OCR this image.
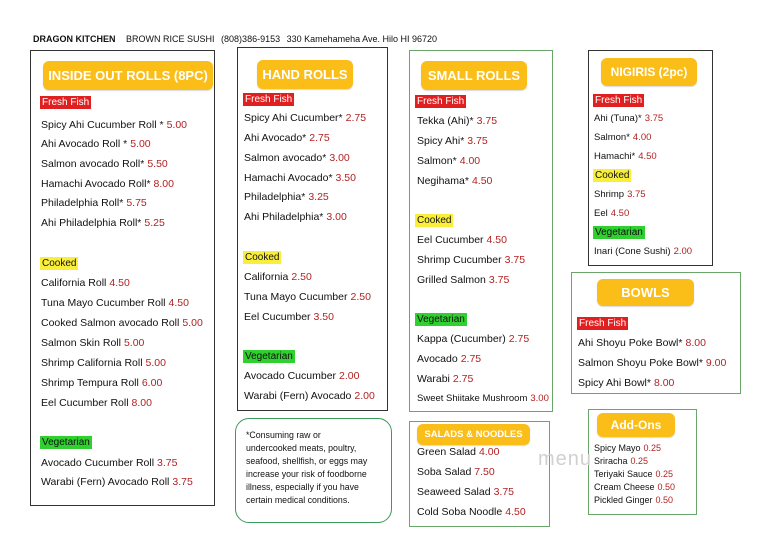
DRAGON KITCHEN BROWN RICE SUSHI (808)386-9153 330 Kamehameha Ave. Hilo HI 96720
INSIDE OUT ROLLS (8PC)	HAND ROLLS	SMALL ROLLS	NIGIRIS (2pc)
BOWLS
SALADS & NOODLES
Add-Ons
Fresh Fish
Spicy Ahi Cucumber Roll * 5.00
Ahi Avocado Roll * 5.00
Salmon avocado Roll* 5.50
Hamachi Avocado Roll* 8.00
Philadelphia Roll* 5.75
Ahi Philadelphia Roll* 5.25
Cooked
California Roll 4.50
Tuna Mayo Cucumber Roll 4.50
Cooked Salmon avocado Roll 5.00
Salmon Skin Roll 5.00
Shrimp California Roll 5.00
Shrimp Tempura Roll 6.00
Eel Cucumber Roll 8.00
Vegetarian
Avocado Cucumber Roll 3.75
Warabi (Fern) Avocado Roll 3.75
Fresh Fish
Spicy Ahi Cucumber* 2.75
Ahi Avocado* 2.75
Salmon avocado* 3.00
Hamachi Avocado* 3.50
Philadelphia* 3.25
Ahi Philadelphia* 3.00
Cooked
California 2.50
Tuna Mayo Cucumber 2.50
Eel Cucumber 3.50
Vegetarian
Avocado Cucumber 2.00
Warabi (Fern) Avocado 2.00
Fresh Fish
Tekka (Ahi)* 3.75
Spicy Ahi* 3.75
Salmon* 4.00
Negihama* 4.50
Cooked
Eel Cucumber 4.50
Shrimp Cucumber 3.75
Grilled Salmon 3.75
Vegetarian
Kappa (Cucumber) 2.75
Avocado 2.75
Warabi 2.75
Sweet Shiitake Mushroom 3.00
Fresh Fish
Ahi (Tuna)* 3.75
Salmon* 4.00
Hamachi* 4.50
Cooked
Shrimp 3.75
Eel 4.50
Vegetarian
Inari (Cone Sushi) 2.00
Fresh Fish
Ahi Shoyu Poke Bowl* 8.00
Salmon Shoyu Poke Bowl* 9.00
Spicy Ahi Bowl* 8.00
Green Salad 4.00
Soba Salad 7.50
Seaweed Salad 3.75
Cold Soba Noodle 4.50
Spicy Mayo 0.25
Sriracha 0.25
Teriyaki Sauce 0.25
Cream Cheese 0.50
Pickled Ginger 0.50
*Consuming raw or
undercooked meats, poultry,
seafood, shellfish, or eggs may
increase your risk of foodborne
illness, especially if you have
certain medical conditions.
menu
